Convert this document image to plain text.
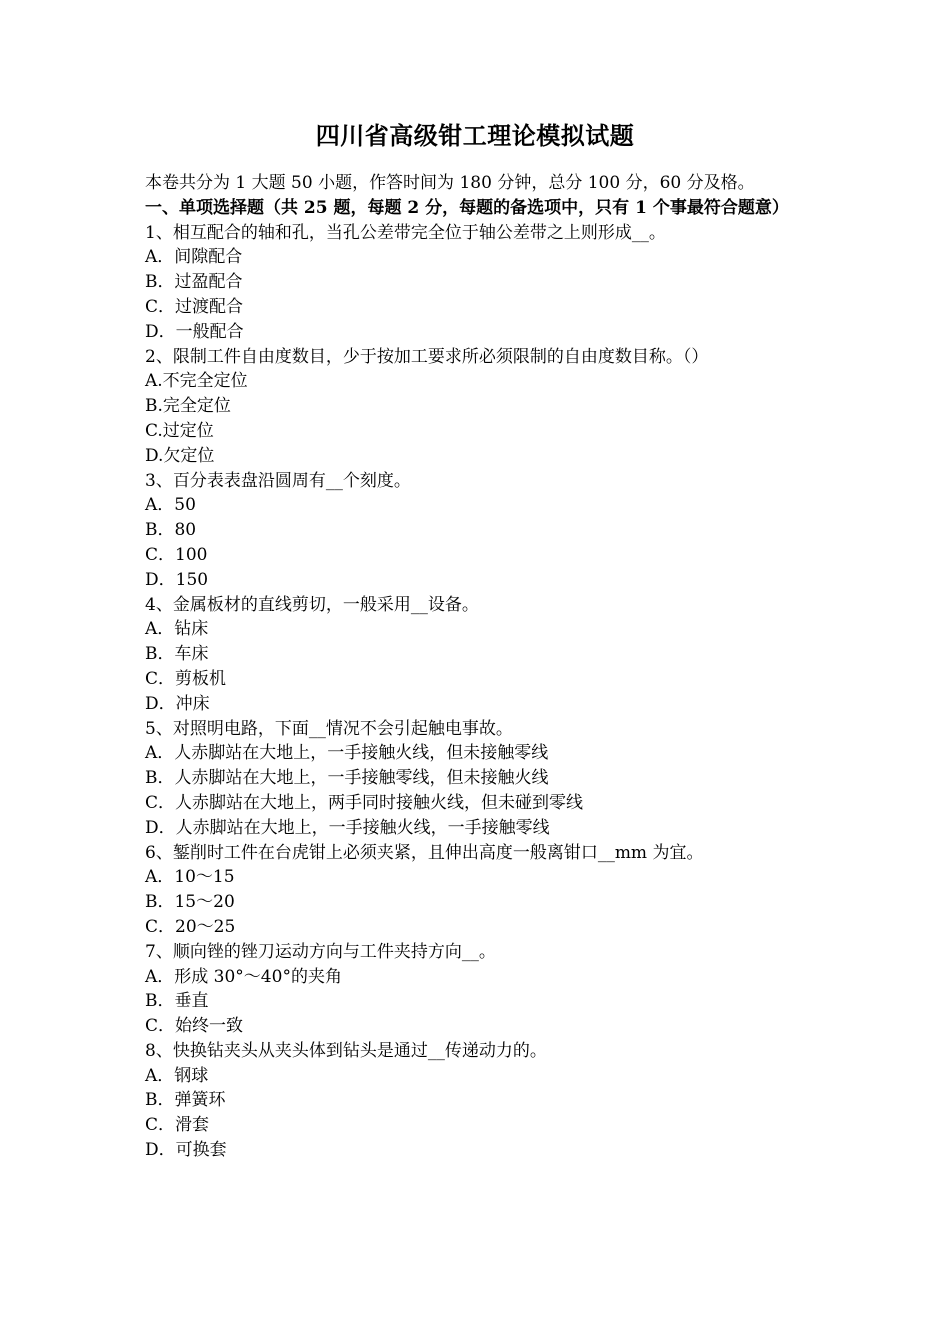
四川省高级钳工理论模拟试题
本卷共分为 1 大题 50 小题，作答时间为 180 分钟，总分 100 分，60 分及格。
一、单项选择题（共 25 题，每题 2 分，每题的备选项中，只有 1 个事最符合题意）
1、相互配合的轴和孔，当孔公差带完全位于轴公差带之上则形成__。
A．间隙配合
B．过盈配合
C．过渡配合
D．一般配合
2、限制工件自由度数目，少于按加工要求所必须限制的自由度数目称。（）
A.不完全定位
B.完全定位
C.过定位
D.欠定位
3、百分表表盘沿圆周有__个刻度。
A．50
B．80
C．100
D．150
4、金属板材的直线剪切，一般采用__设备。
A．钻床
B．车床
C．剪板机
D．冲床
5、对照明电路，下面__情况不会引起触电事故。
A．人赤脚站在大地上，一手接触火线，但未接触零线
B．人赤脚站在大地上，一手接触零线，但未接触火线
C．人赤脚站在大地上，两手同时接触火线，但未碰到零线
D．人赤脚站在大地上，一手接触火线，一手接触零线
6、錾削时工件在台虎钳上必须夹紧，且伸出高度一般离钳口__mm 为宜。
A．10～15
B．15～20
C．20～25
7、顺向锉的锉刀运动方向与工件夹持方向__。
A．形成 30°～40°的夹角
B．垂直
C．始终一致
8、快换钻夹头从夹头体到钻头是通过__传递动力的。
A．钢球
B．弹簧环
C．滑套
D．可换套
